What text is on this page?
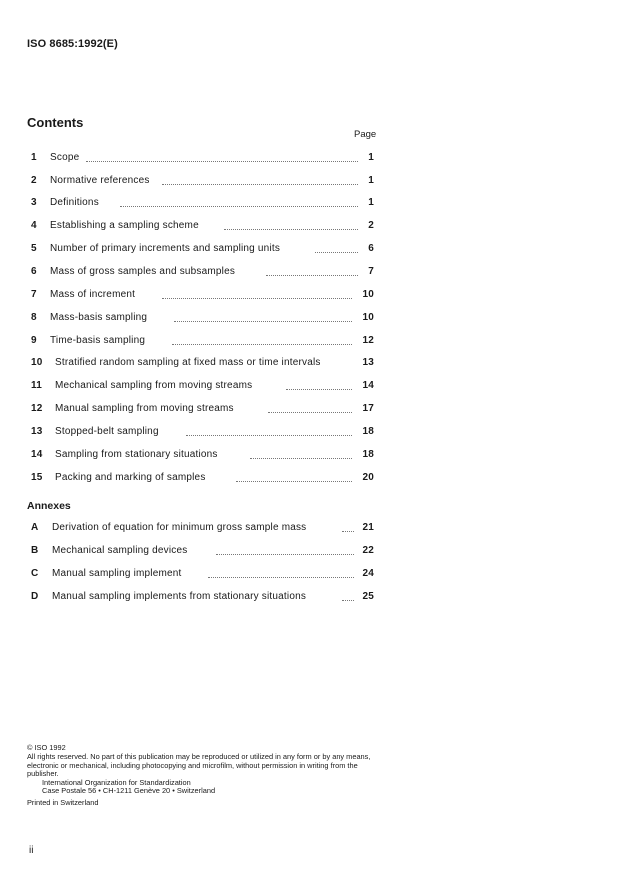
ISO 8685:1992(E)
Contents
Page
1 Scope	1
2 Normative references	1
3 Definitions	1
4 Establishing a sampling scheme	2
5 Number of primary increments and sampling units	6
6 Mass of gross samples and subsamples	7
7 Mass of increment	10
8 Mass-basis sampling	10
9 Time-basis sampling	12
10 Stratified random sampling at fixed mass or time intervals	13
11 Mechanical sampling from moving streams	14
12 Manual sampling from moving streams	17
13 Stopped-belt sampling	18
14 Sampling from stationary situations	18
15 Packing and marking of samples	20
Annexes
A Derivation of equation for minimum gross sample mass	21
B Mechanical sampling devices	22
C Manual sampling implement	24
D Manual sampling implements from stationary situations	25
© ISO 1992
All rights reserved. No part of this publication may be reproduced or utilized in any form or by any means, electronic or mechanical, including photocopying and microfilm, without permission in writing from the publisher.
International Organization for Standardization
Case Postale 56 • CH-1211 Genève 20 • Switzerland
Printed in Switzerland
ii
